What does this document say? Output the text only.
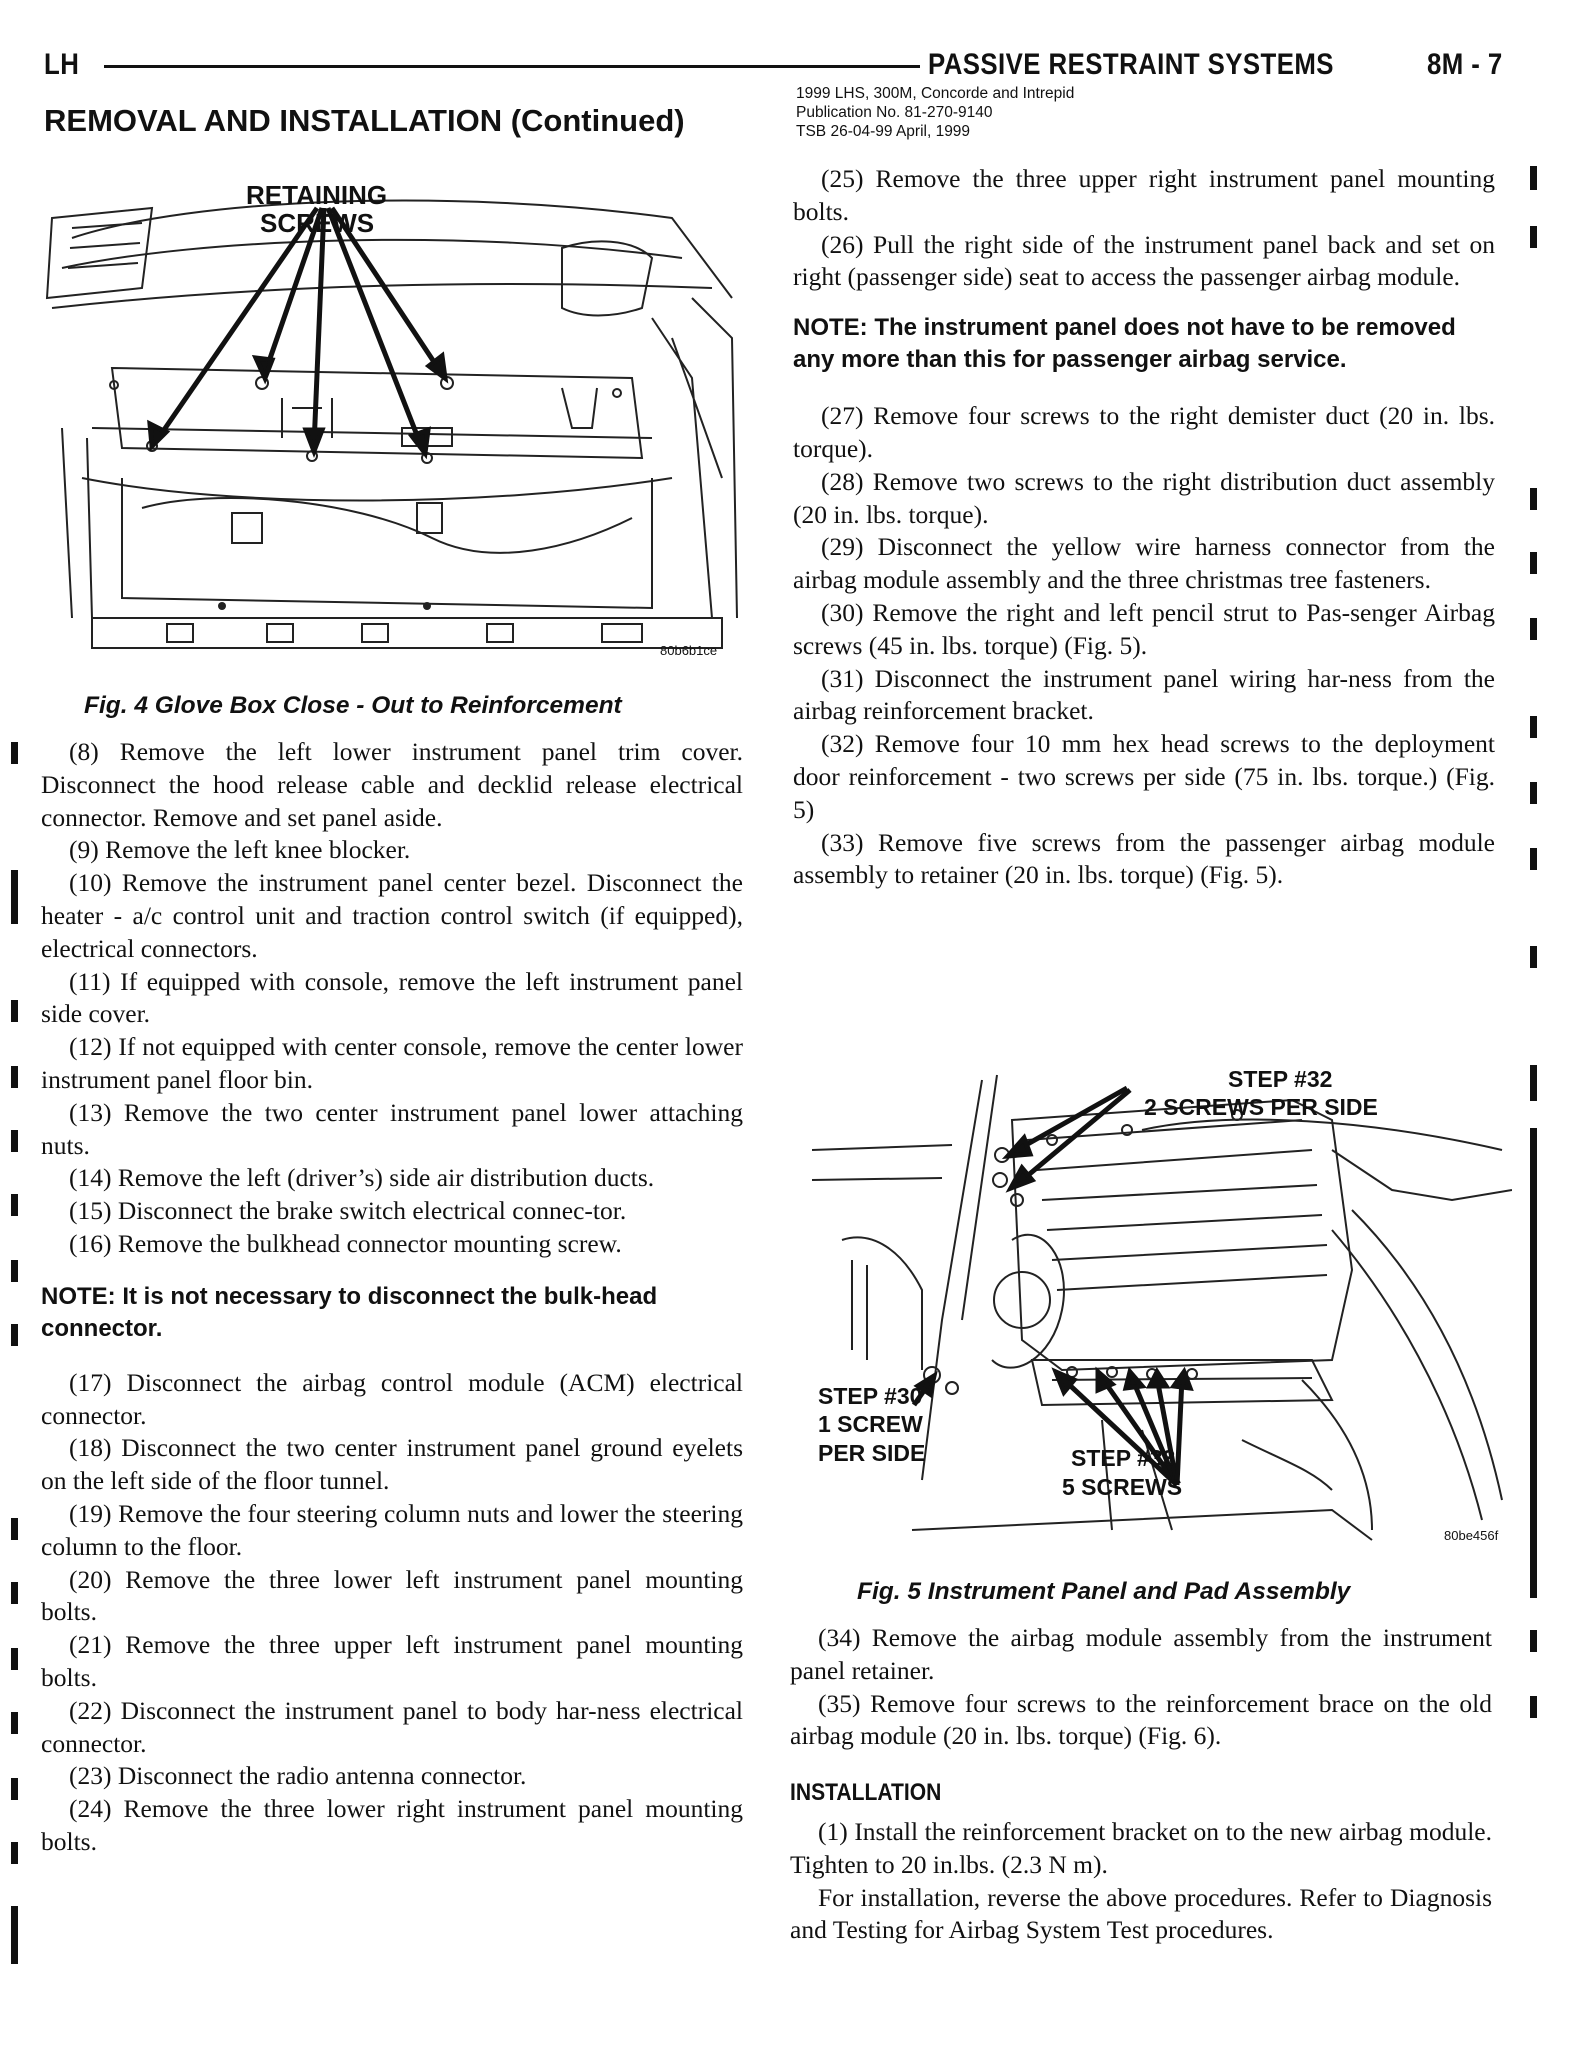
LH	PASSIVE RESTRAINT SYSTEMS	8M - 7
REMOVAL AND INSTALLATION (Continued)
1999 LHS, 300M, Concorde and Intrepid
Publication No. 81-270-9140
TSB 26-04-99 April, 1999
RETAINING
SCREWS
80b6b1ce
Fig. 4 Glove Box Close - Out to Reinforcement

(8) Remove the left lower instrument panel trim cover. Disconnect the hood release cable and decklid release electrical connector. Remove and set panel aside.

(9) Remove the left knee blocker.

(10) Remove the instrument panel center bezel. Disconnect the heater - a/c control unit and traction control switch (if equipped), electrical connectors.

(11) If equipped with console, remove the left instrument panel side cover.

(12) If not equipped with center console, remove the center lower instrument panel floor bin.

(13) Remove the two center instrument panel lower attaching nuts.

(14) Remove the left (driver’s) side air distribution ducts.

(15) Disconnect the brake switch electrical connec-tor.

(16) Remove the bulkhead connector mounting screw.

NOTE: It is not necessary to disconnect the bulk-head connector.

(17) Disconnect the airbag control module (ACM) electrical connector.

(18) Disconnect the two center instrument panel ground eyelets on the left side of the floor tunnel.

(19) Remove the four steering column nuts and lower the steering column to the floor.

(20) Remove the three lower left instrument panel mounting bolts.

(21) Remove the three upper left instrument panel mounting bolts.

(22) Disconnect the instrument panel to body har-ness electrical connector.

(23) Disconnect the radio antenna connector.

(24) Remove the three lower right instrument panel mounting bolts.

(25) Remove the three upper right instrument panel mounting bolts.

(26) Pull the right side of the instrument panel back and set on right (passenger side) seat to access the passenger airbag module.

NOTE: The instrument panel does not have to be removed any more than this for passenger airbag service.

(27) Remove four screws to the right demister duct (20 in. lbs. torque).

(28) Remove two screws to the right distribution duct assembly (20 in. lbs. torque).

(29) Disconnect the yellow wire harness connector from the airbag module assembly and the three christmas tree fasteners.

(30) Remove the right and left pencil strut to Pas-senger Airbag screws (45 in. lbs. torque) (Fig. 5).

(31) Disconnect the instrument panel wiring har-ness from the airbag reinforcement bracket.

(32) Remove four 10 mm hex head screws to the deployment door reinforcement - two screws per side (75 in. lbs. torque.) (Fig. 5)

(33) Remove five screws from the passenger airbag module assembly to retainer (20 in. lbs. torque) (Fig. 5).

STEP #32
2 SCREWS PER SIDE
STEP #30
1 SCREW
PER SIDE	STEP #33
5 SCREWS
80be456f
Fig. 5 Instrument Panel and Pad Assembly

(34) Remove the airbag module assembly from the instrument panel retainer.

(35) Remove four screws to the reinforcement brace on the old airbag module (20 in. lbs. torque) (Fig. 6).

INSTALLATION

(1) Install the reinforcement bracket on to the new airbag module. Tighten to 20 in.lbs. (2.3 N m).

For installation, reverse the above procedures. Refer to Diagnosis and Testing for Airbag System Test procedures.
